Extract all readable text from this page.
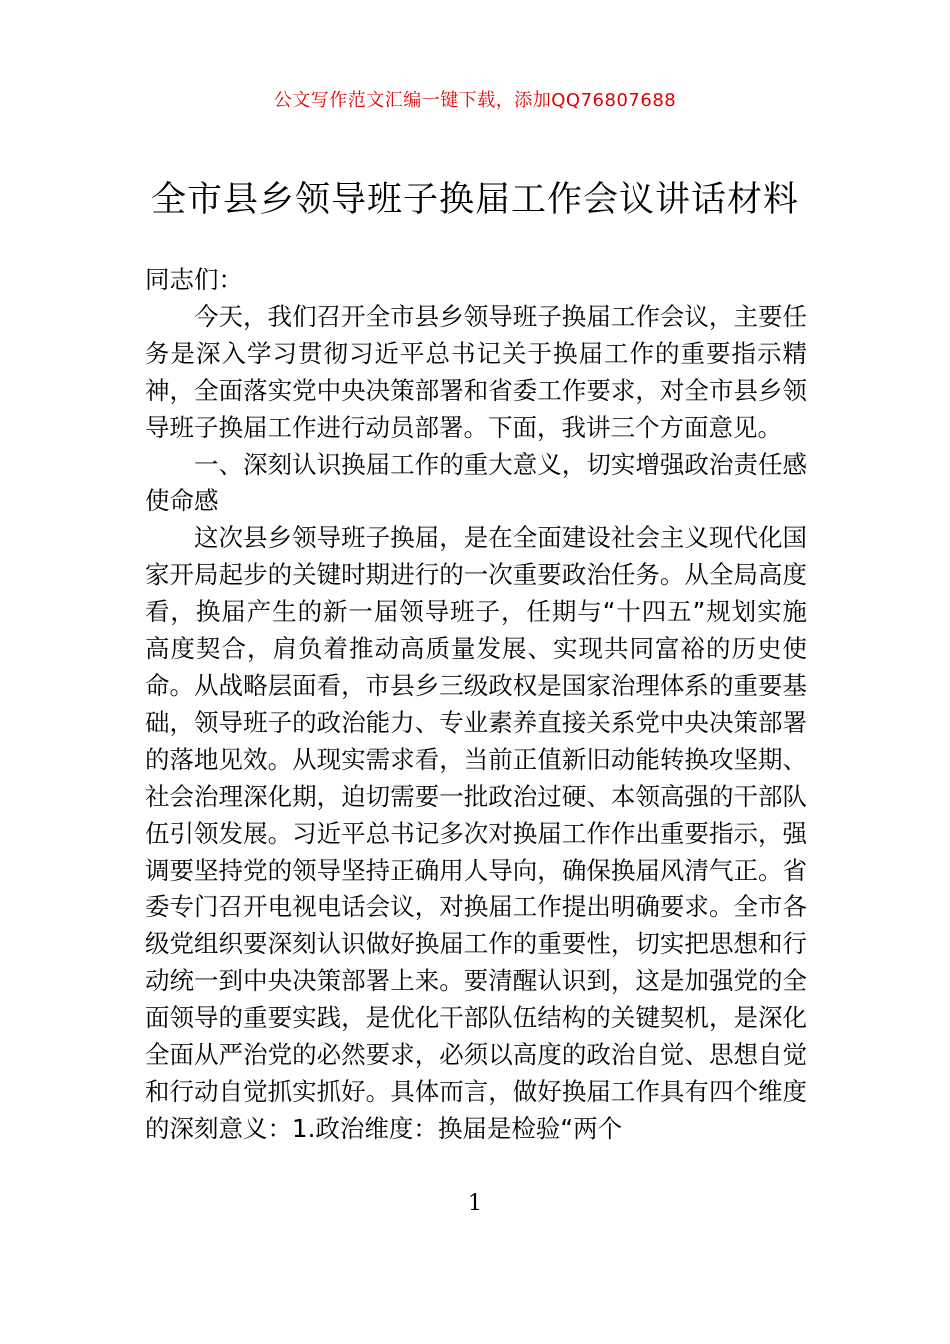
公文写作范文汇编一键下载，添加QQ76807688
全市县乡领导班子换届工作会议讲话材料

同志们：

今天，我们召开全市县乡领导班子换届工作会议，主要任务是深入学习贯彻习近平总书记关于换届工作的重要指示精神，全面落实党中央决策部署和省委工作要求，对全市县乡领导班子换届工作进行动员部署。下面，我讲三个方面意见。

一、深刻认识换届工作的重大意义，切实增强政治责任感使命感

这次县乡领导班子换届，是在全面建设社会主义现代化国家开局起步的关键时期进行的一次重要政治任务。从全局高度看，换届产生的新一届领导班子，任期与“十四五”规划实施高度契合，肩负着推动高质量发展、实现共同富裕的历史使命。从战略层面看，市县乡三级政权是国家治理体系的重要基础，领导班子的政治能力、专业素养直接关系党中央决策部署的落地见效。从现实需求看，当前正值新旧动能转换攻坚期、社会治理深化期，迫切需要一批政治过硬、本领高强的干部队伍引领发展。习近平总书记多次对换届工作作出重要指示，强调要坚持党的领导坚持正确用人导向，确保换届风清气正。省委专门召开电视电话会议，对换届工作提出明确要求。全市各级党组织要深刻认识做好换届工作的重要性，切实把思想和行动统一到中央决策部署上来。要清醒认识到，这是加强党的全面领导的重要实践，是优化干部队伍结构的关键契机，是深化全面从严治党的必然要求，必须以高度的政治自觉、思想自觉和行动自觉抓实抓好。具体而言，做好换届工作具有四个维度的深刻意义：1.政治维度：换届是检验“两个

1
